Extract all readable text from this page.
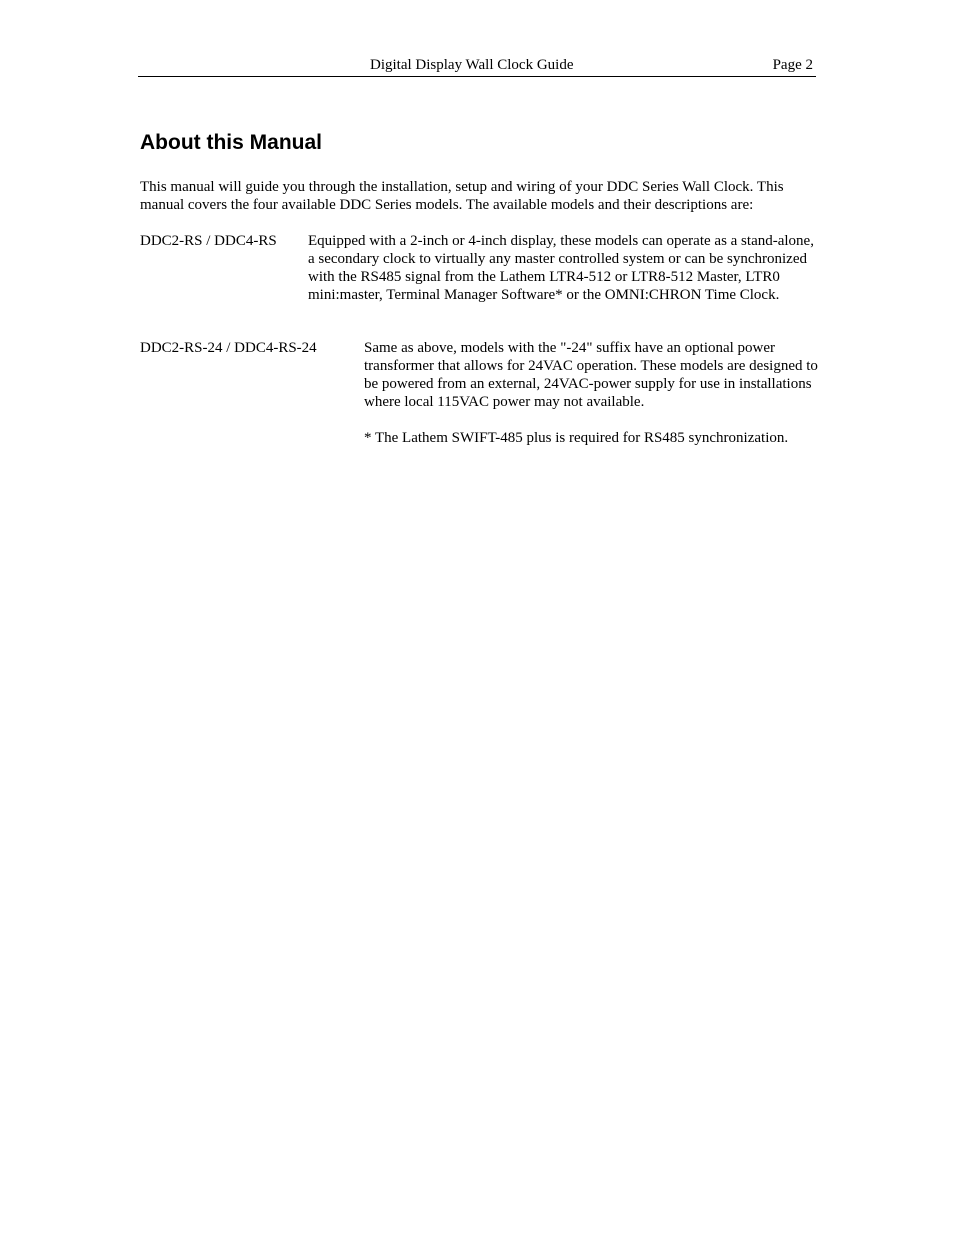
Digital Display Wall Clock Guide	Page 2
About this Manual

This manual will guide you through the installation, setup and wiring of your DDC Series Wall Clock. This manual covers the four available DDC Series models. The available models and their descriptions are:

DDC2-RS / DDC4-RS Equipped with a 2-inch or 4-inch display, these models can operate as a stand-alone, a secondary clock to virtually any master controlled system or can be synchronized with the RS485 signal from the Lathem LTR4-512 or LTR8-512 Master, LTR0 mini:master, Terminal Manager Software* or the OMNI:CHRON Time Clock.

DDC2-RS-24 / DDC4-RS-24	Same as above, models with the "-24" suffix have an optional power transformer that allows for 24VAC operation. These models are designed to be powered from an external, 24VAC-power supply for use in installations where local 115VAC power may not available.

* The Lathem SWIFT-485 plus is required for RS485 synchronization.
